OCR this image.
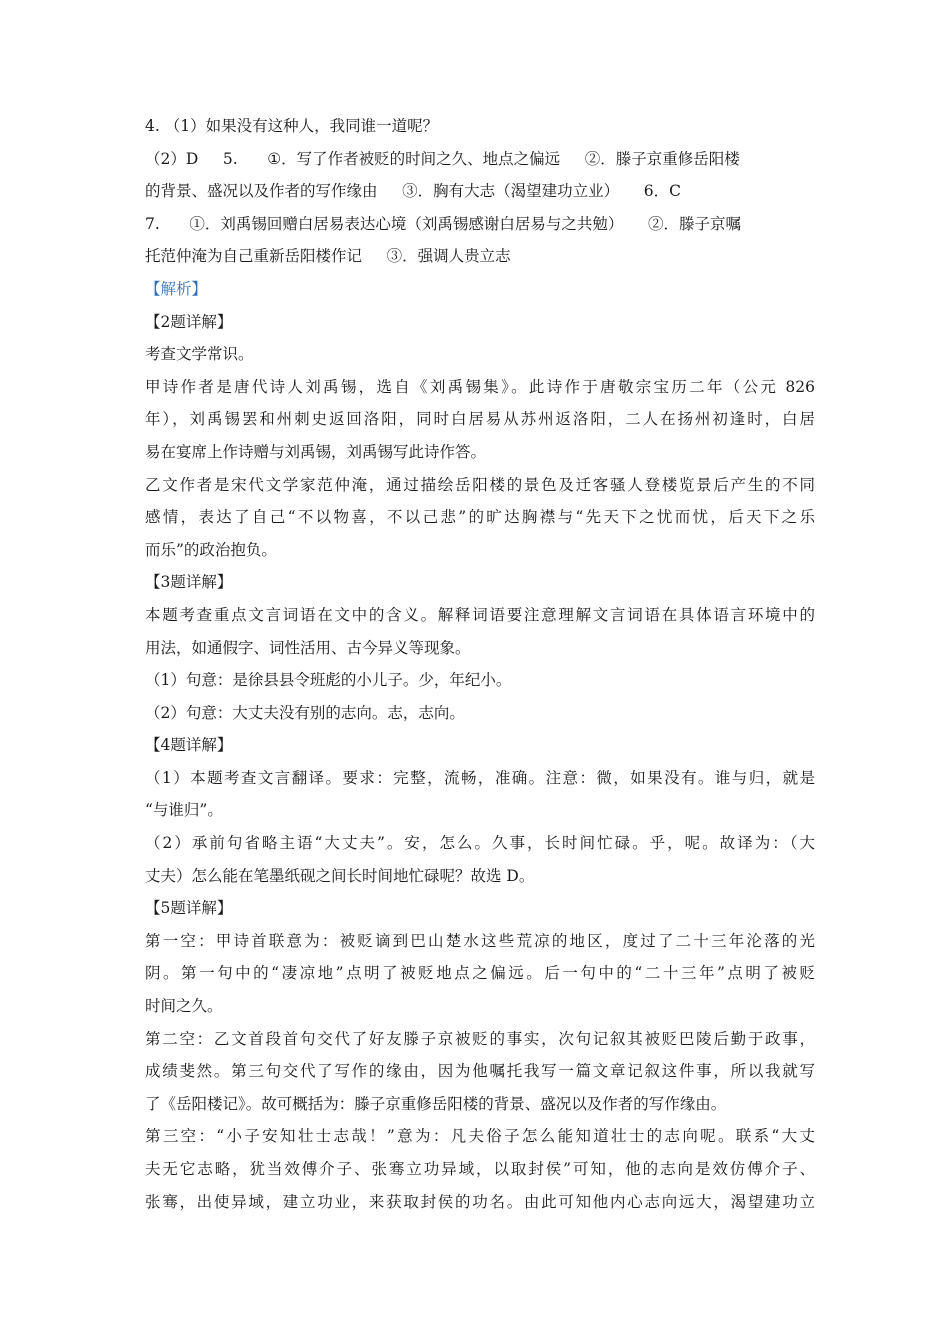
4. （1）如果没有这种人，我同谁一道呢？
（2）D     5.      ①．写了作者被贬的时间之久、地点之偏远     ②．滕子京重修岳阳楼
的背景、盛况以及作者的写作缘由     ③．胸有大志（渴望建功立业）     6．C
7.      ①．刘禹锡回赠白居易表达心境（刘禹锡感谢白居易与之共勉）     ②．滕子京嘱
托范仲淹为自己重新岳阳楼作记     ③．强调人贵立志
【解析】
【2题详解】
考查文学常识。
甲诗作者是唐代诗人刘禹锡，选自《刘禹锡集》。此诗作于唐敬宗宝历二年（公元 826
年），刘禹锡罢和州刺史返回洛阳，同时白居易从苏州返洛阳，二人在扬州初逢时，白居
易在宴席上作诗赠与刘禹锡，刘禹锡写此诗作答。
乙文作者是宋代文学家范仲淹，通过描绘岳阳楼的景色及迁客骚人登楼览景后产生的不同
感情，表达了自己“不以物喜，不以己悲”的旷达胸襟与“先天下之忧而忧，后天下之乐
而乐”的政治抱负。
【3题详解】
本题考查重点文言词语在文中的含义。解释词语要注意理解文言词语在具体语言环境中的
用法，如通假字、词性活用、古今异义等现象。
（1）句意：是徐县县令班彪的小儿子。少，年纪小。
（2）句意：大丈夫没有别的志向。志，志向。
【4题详解】
（1）本题考查文言翻译。要求：完整，流畅，准确。注意：微，如果没有。谁与归，就是
“与谁归”。
（2）承前句省略主语“大丈夫”。安，怎么。久事，长时间忙碌。乎，呢。故译为：（大
丈夫）怎么能在笔墨纸砚之间长时间地忙碌呢？故选 D。
【5题详解】
第一空：甲诗首联意为：被贬谪到巴山楚水这些荒凉的地区，度过了二十三年沦落的光
阴。第一句中的“凄凉地”点明了被贬地点之偏远。后一句中的“二十三年”点明了被贬
时间之久。
第二空：乙文首段首句交代了好友滕子京被贬的事实，次句记叙其被贬巴陵后勤于政事，
成绩斐然。第三句交代了写作的缘由，因为他嘱托我写一篇文章记叙这件事，所以我就写
了《岳阳楼记》。故可概括为：滕子京重修岳阳楼的背景、盛况以及作者的写作缘由。
第三空：“小子安知壮士志哉！”意为：凡夫俗子怎么能知道壮士的志向呢。联系“大丈
夫无它志略，犹当效傅介子、张骞立功异域，以取封侯”可知，他的志向是效仿傅介子、
张骞，出使异域，建立功业，来获取封侯的功名。由此可知他内心志向远大，渴望建功立
